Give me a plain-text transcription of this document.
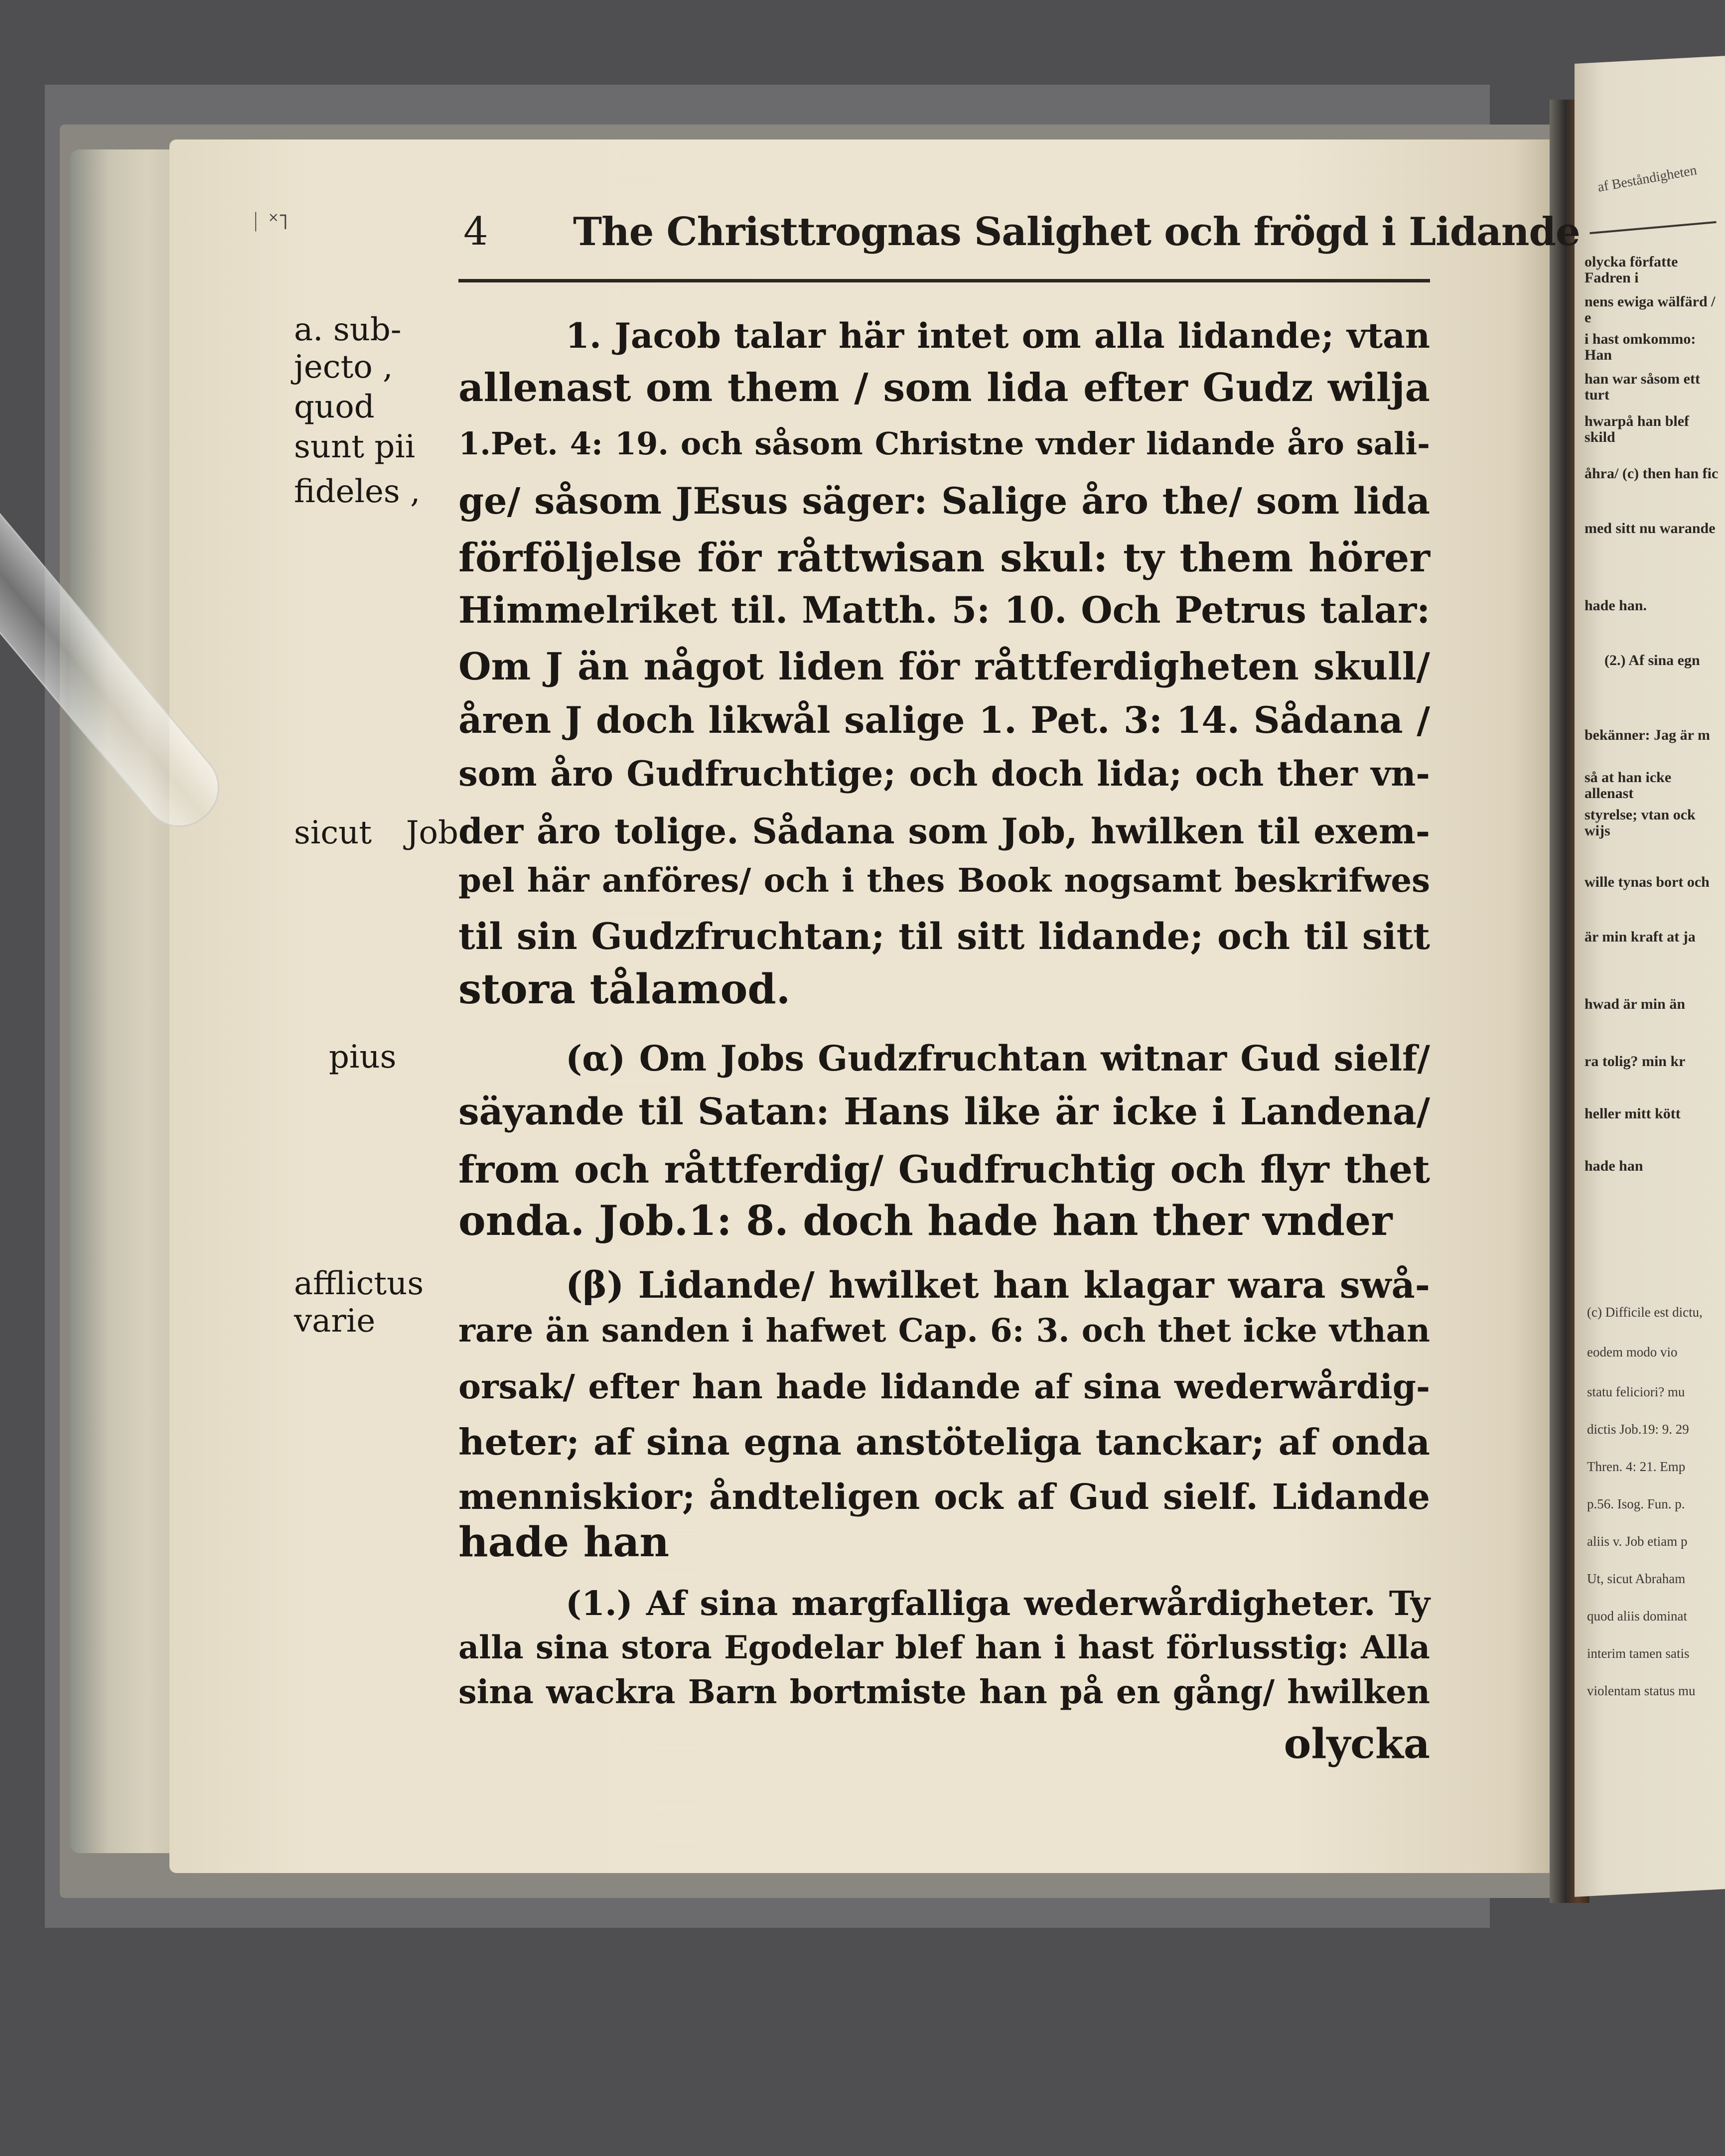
4 The Christtrognas Salighet och frögd i Lidande
ᛁ ˟˥
1. Jacob talar här intet om alla lidande; vtan
allenast om them / som lida efter Gudz wilja
1.Pet. 4: 19. och såsom Christne vnder lidande åro sali-
ge/ såsom JEsus säger: Salige åro the/ som lida
förföljelse för råttwisan skul: ty them hörer
Himmelriket til. Matth. 5: 10. Och Petrus talar:
Om J än något liden för råttferdigheten skull/
åren J doch likwål salige 1. Pet. 3: 14. Sådana /
som åro Gudfruchtige; och doch lida; och ther vn-
der åro tolige. Sådana som Job, hwilken til exem-
pel här anföres/ och i thes Book nogsamt beskrifwes
til sin Gudzfruchtan; til sitt lidande; och til sitt
stora tålamod.
(α) Om Jobs Gudzfruchtan witnar Gud sielf/
säyande til Satan: Hans like är icke i Landena/
from och råttferdig/ Gudfruchtig och flyr thet
onda. Job.1: 8. doch hade han ther vnder
(β) Lidande/ hwilket han klagar wara swå-
rare än sanden i hafwet Cap. 6: 3. och thet icke vthan
orsak/ efter han hade lidande af sina wederwårdig-
heter; af sina egna anstöteliga tanckar; af onda
menniskior; åndteligen ock af Gud sielf. Lidande
hade han
(1.) Af sina margfalliga wederwårdigheter. Ty
alla sina stora Egodelar blef han i hast förlusstig: Alla
sina wackra Barn bortmiste han på en gång/ hwilken
olycka
a. sub-
jecto ,
quod
sunt pii
fideles ,
sicut Job
pius
afflictus
varie
af Beståndigheten
olycka författe Fadren i
nens ewiga wälfärd / e
i hast omkommo: Han
han war såsom ett turt
hwarpå han blef skild
åhra/ (c) then han fic
med sitt nu warande
hade han.
(2.) Af sina egn
bekänner: Jag är m
så at han icke allenast
styrelse; vtan ock wijs
wille tynas bort och
är min kraft at ja
hwad är min än
ra tolig? min kr
heller mitt kött
hade han
(c) Difficile est dictu,
eodem modo vio
statu feliciori? mu
dictis Job.19: 9. 29
Thren. 4: 21. Emp
p.56. Isog. Fun. p.
aliis v. Job etiam p
Ut, sicut Abraham
quod aliis dominat
interim tamen satis
violentam status mu
